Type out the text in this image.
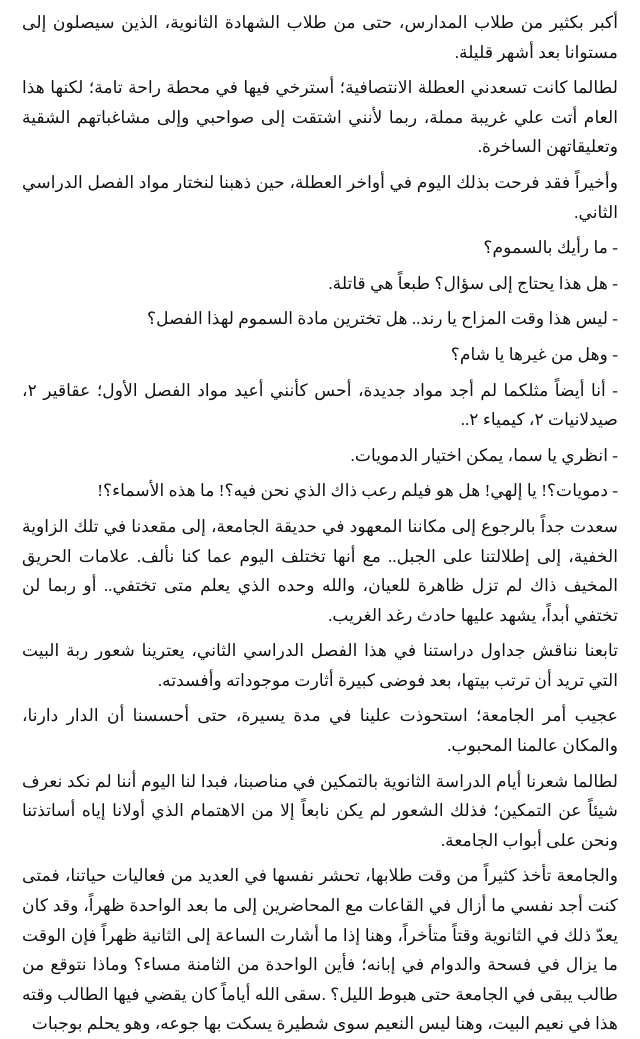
أكبر بكثير من طلاب المدارس، حتى من طلاب الشهادة الثانوية، الذين سيصلون إلى مستوانا بعد أشهر قليلة.

لطالما كانت تسعدني العطلة الانتصافية؛ أسترخي فيها في محطة راحة تامة؛ لكنها هذا العام أتت علي غريبة مملة، ربما لأنني اشتقت إلى صواحبي وإلى مشاغباتهم الشقية وتعليقاتهن الساخرة.

وأخيراً فقد فرحت بذلك اليوم في أواخر العطلة، حين ذهبنا لنختار مواد الفصل الدراسي الثاني.

- ما رأيك بالسموم؟

- هل هذا يحتاج إلى سؤال؟ طبعاً هي قاتلة.

- ليس هذا وقت المزاح يا رند.. هل تخترين مادة السموم لهذا الفصل؟

- وهل من غيرها يا شام؟

- أنا أيضاً مثلكما لم أجد مواد جديدة، أحس كأنني أعيد مواد الفصل الأول؛ عقاقير ٢، صيدلانيات ٢، كيمياء ٢..

- انظري يا سما، يمكن اختيار الدمويات.

- دمويات؟! يا إلهي! هل هو فيلم رعب ذاك الذي نحن فيه؟! ما هذه الأسماء؟!

سعدت جداً بالرجوع إلى مكاننا المعهود في حديقة الجامعة، إلى مقعدنا في تلك الزاوية الخفية، إلى إطلالتنا على الجبل.. مع أنها تختلف اليوم عما كنا نألف. علامات الحريق المخيف ذاك لم تزل ظاهرة للعيان، والله وحده الذي يعلم متى تختفي.. أو ربما لن تختفي أبداً، يشهد عليها حادث رغد الغريب.

تابعنا نناقش جداول دراستنا في هذا الفصل الدراسي الثاني، يعترينا شعور ربة البيت التي تريد أن ترتب بيتها، بعد فوضى كبيرة أثارت موجوداته وأفسدته.

عجيب أمر الجامعة؛ استحوذت علينا في مدة يسيرة، حتى أحسسنا أن الدار دارنا، والمكان عالمنا المحبوب.

لطالما شعرنا أيام الدراسة الثانوية بالتمكين في مناصبنا، فبدا لنا اليوم أننا لم نكد نعرف شيئاً عن التمكين؛ فذلك الشعور لم يكن نابعاً إلا من الاهتمام الذي أولانا إياه أساتذتنا ونحن على أبواب الجامعة.

والجامعة تأخذ كثيراً من وقت طلابها، تحشر نفسها في العديد من فعاليات حياتنا، فمتى كنت أجد نفسي ما أزال في القاعات مع المحاضرين إلى ما بعد الواحدة ظهراً، وقد كان يعدّ ذلك في الثانوية وقتاً متأخراً، وهنا إذا ما أشارت الساعة إلى الثانية ظهراً فإن الوقت ما يزال في فسحة والدوام في إبانه؛ فأين الواحدة من الثامنة مساء؟ وماذا نتوقع من طالب يبقى في الجامعة حتى هبوط الليل؟ .سقى الله أياماً كان يقضي فيها الطالب وقته هذا في نعيم البيت، وهنا ليس النعيم سوى شطيرة يسكت بها جوعه، وهو يحلم بوجبات
